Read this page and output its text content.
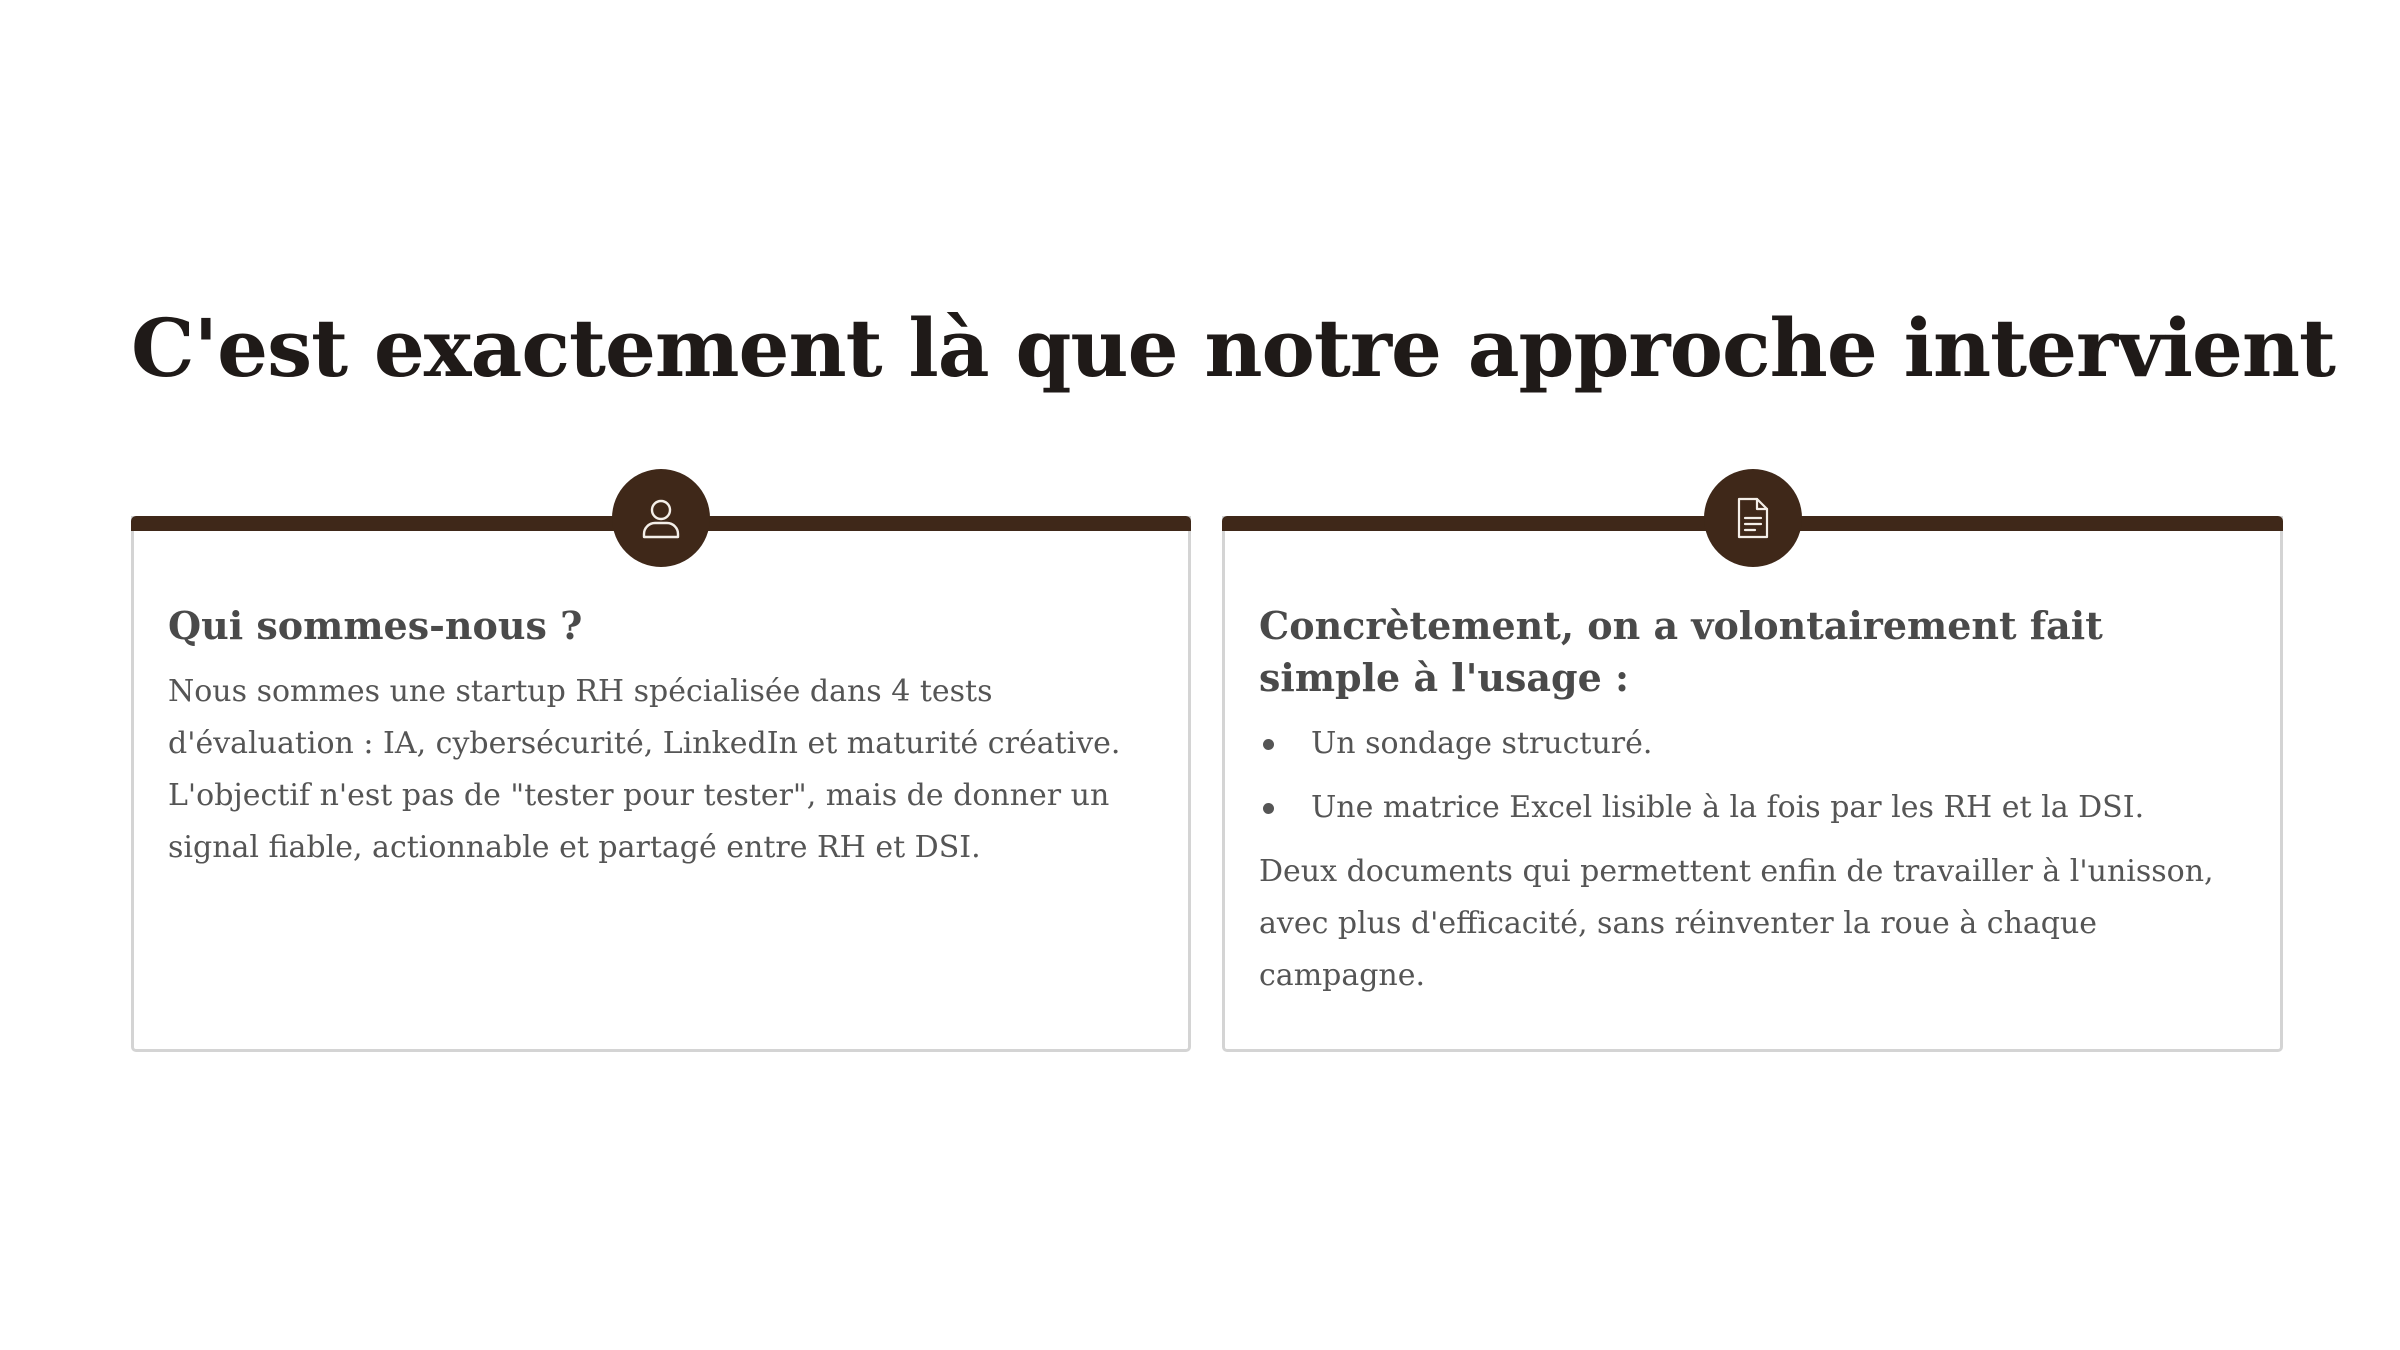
C'est exactement là que notre approche intervient
Qui sommes-nous ?

Nous sommes une startup RH spécialisée dans 4 tests d'évaluation : IA, cybersécurité, LinkedIn et maturité créative. L'objectif n'est pas de "tester pour tester", mais de donner un signal fiable, actionnable et partagé entre RH et DSI.

Concrètement, on a volontairement fait simple à l'usage :
Un sondage structuré.
Une matrice Excel lisible à la fois par les RH et la DSI.

Deux documents qui permettent enfin de travailler à l'unisson, avec plus d'efficacité, sans réinventer la roue à chaque campagne.
